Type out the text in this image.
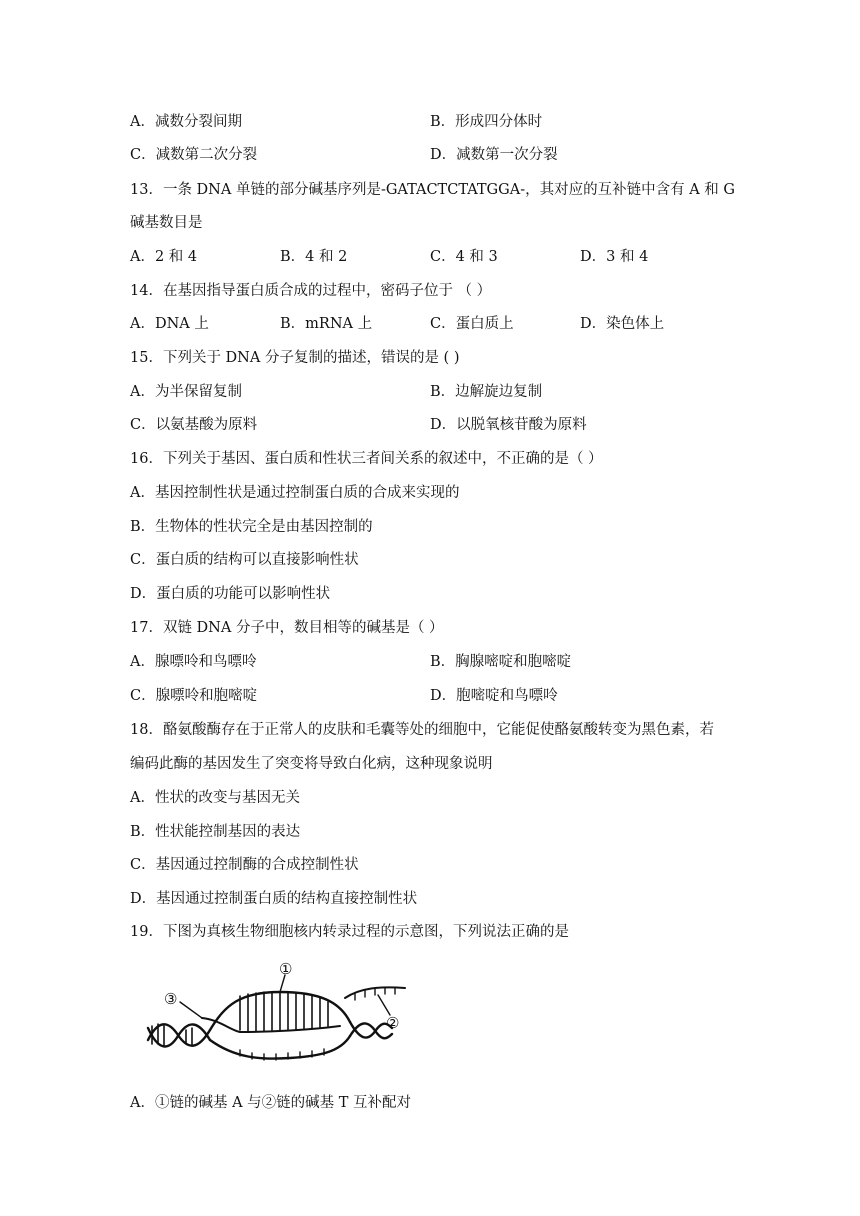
A．减数分裂间期	B．形成四分体时
C．减数第二次分裂	D．减数第一次分裂
13．一条 DNA 单链的部分碱基序列是-GATACTCTATGGA-，其对应的互补链中含有 A 和 G
碱基数目是
A．2 和 4	B．4 和 2	C．4 和 3	D．3 和 4
14．在基因指导蛋白质合成的过程中，密码子位于 （ ）
A．DNA 上	B．mRNA 上	C．蛋白质上	D．染色体上
15．下列关于 DNA 分子复制的描述，错误的是 ( )
A．为半保留复制	B．边解旋边复制
C．以氨基酸为原料	D．以脱氧核苷酸为原料
16．下列关于基因、蛋白质和性状三者间关系的叙述中，不正确的是（ ）
A．基因控制性状是通过控制蛋白质的合成来实现的
B．生物体的性状完全是由基因控制的
C．蛋白质的结构可以直接影响性状
D．蛋白质的功能可以影响性状
17．双链 DNA 分子中，数目相等的碱基是（ ）
A．腺嘌呤和鸟嘌呤	B．胸腺嘧啶和胞嘧啶
C．腺嘌呤和胞嘧啶	D．胞嘧啶和鸟嘌呤
18．酪氨酸酶存在于正常人的皮肤和毛囊等处的细胞中，它能促使酪氨酸转变为黑色素，若
编码此酶的基因发生了突变将导致白化病，这种现象说明
A．性状的改变与基因无关
B．性状能控制基因的表达
C．基因通过控制酶的合成控制性状
D．基因通过控制蛋白质的结构直接控制性状
19．下图为真核生物细胞核内转录过程的示意图，下列说法正确的是
①
②
③
A．①链的碱基 A 与②链的碱基 T 互补配对
